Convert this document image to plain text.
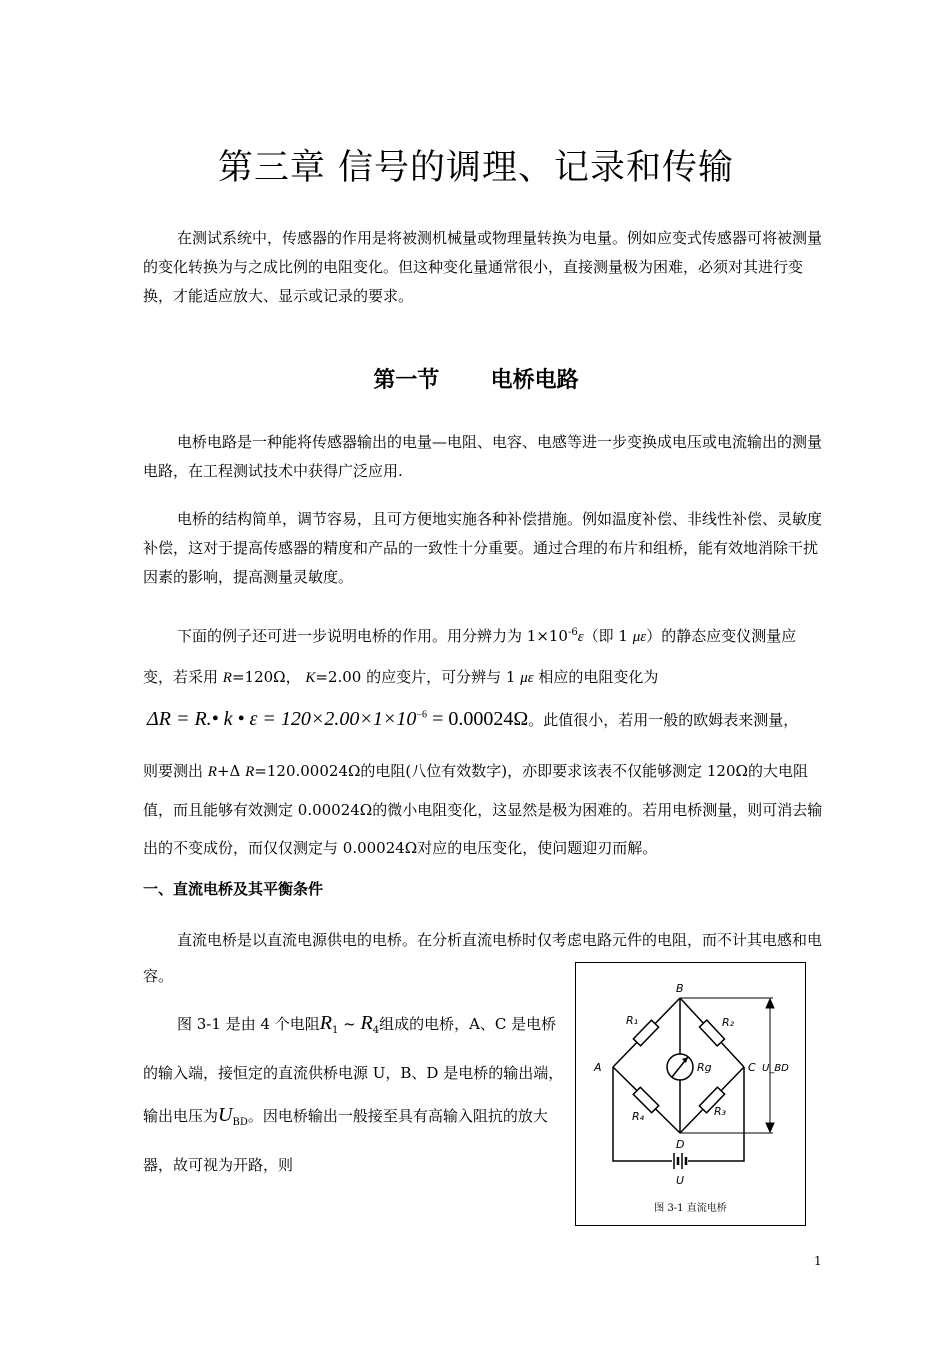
第三章 信号的调理、记录和传输
在测试系统中，传感器的作用是将被测机械量或物理量转换为电量。例如应变式传感器可将被测量的变化转换为与之成比例的电阻变化。但这种变化量通常很小，直接测量极为困难，必须对其进行变换，才能适应放大、显示或记录的要求。
第一节 电桥电路
电桥电路是一种能将传感器输出的电量—电阻、电容、电感等进一步变换成电压或电流输出的测量电路，在工程测试技术中获得广泛应用.
电桥的结构简单，调节容易，且可方便地实施各种补偿措施。例如温度补偿、非线性补偿、灵敏度补偿，这对于提高传感器的精度和产品的一致性十分重要。通过合理的布片和组桥，能有效地消除干扰因素的影响，提高测量灵敏度。
下面的例子还可进一步说明电桥的作用。用分辨力为 $1\times 10^{-6}\varepsilon$（即 1 με）的静态应变仪测量应变，若采用 R=120Ω， K=2.00 的应变片，可分辨与 1 με 相应的电阻变化为
ΔR = R.• k • $\varepsilon = 120\times 2.00\times 1\times 10^{-6} = 0.00024\Omega$。此值很小，若用一般的欧姆表来测量，
则要测出 R+Δ R=120.00024Ω的电阻(八位有效数字)，亦即要求该表不仅能够测定 120Ω的大电阻值，而且能够有效测定 0.00024Ω的微小电阻变化，这显然是极为困难的。若用电桥测量，则可消去输出的不变成份，而仅仅测定与 0.00024Ω对应的电压变化，使问题迎刃而解。
一、直流电桥及其平衡条件
直流电桥是以直流电源供电的电桥。在分析直流电桥时仅考虑电路元件的电阻，而不计其电感和电容。
图 3-1 是由 4 个电阻$R_1$ ~ $R_4$组成的电桥，A、C 是电桥的输入端，接恒定的直流供桥电源 U，B、D 是电桥的输出端，输出电压为$U_{BD}$。因电桥输出一般接至具有高输入阻抗的放大器，故可视为开路，则
B
A	C
D
U
R₁	R₂
R₃
R₄
Rg	U_BD
图 3-1 直流电桥
1
